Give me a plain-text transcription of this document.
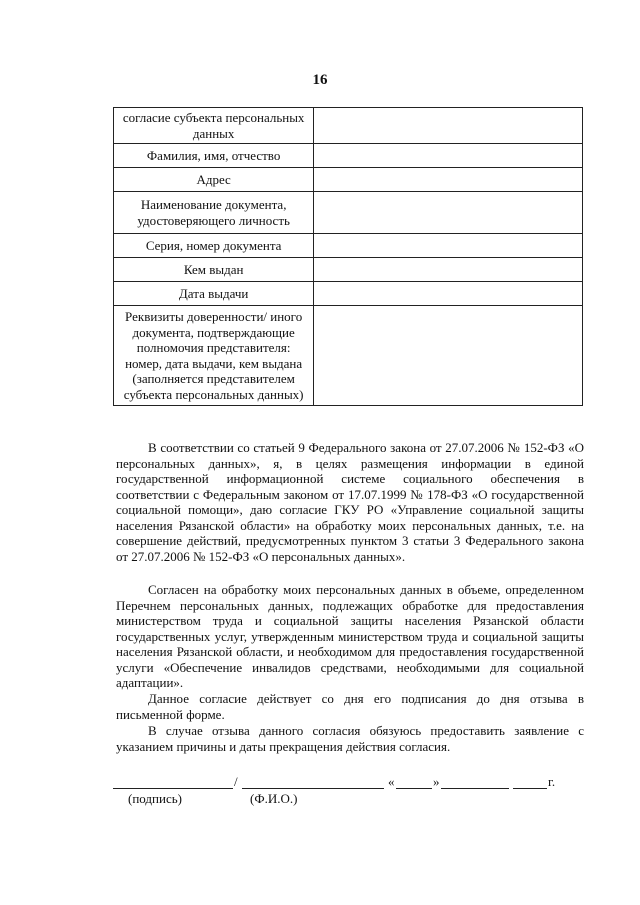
16
согласие субъекта персональных данных	
Фамилия, имя, отчество	
Адрес	
Наименование документа, удостоверяющего личность	
Серия, номер документа	
Кем выдан	
Дата выдачи	
Реквизиты доверенности/ иного документа, подтверждающие полномочия представителя: номер, дата выдачи, кем выдана (заполняется представителем субъекта персональных данных)	

В соответствии со статьей 9 Федерального закона от 27.07.2006 № 152-ФЗ «О персональных данных», я, в целях размещения информации в единой государственной информационной системе социального обеспечения в соответствии с Федеральным законом от 17.07.1999 № 178-ФЗ «О государственной социальной помощи», даю согласие ГКУ РО «Управление социальной защиты населения Рязанской области» на обработку моих персональных данных, т.е. на совершение действий, предусмотренных пунктом 3 статьи 3 Федерального закона от 27.07.2006 № 152-ФЗ «О персональных данных».

Согласен на обработку моих персональных данных в объеме, определенном Перечнем персональных данных, подлежащих обработке для предоставления министерством труда и социальной защиты населения Рязанской области государственных услуг, утвержденным министерством труда и социальной защиты населения Рязанской области, и необходимом для предоставления государственной услуги «Обеспечение инвалидов средствами, необходимыми для социальной адаптации».

Данное согласие действует со дня его подписания до дня отзыва в письменной форме.

В случае отзыва данного согласия обязуюсь предоставить заявление с указанием причины и даты прекращения действия согласия.

/	«	»	г.
(подпись)	(Ф.И.О.)
